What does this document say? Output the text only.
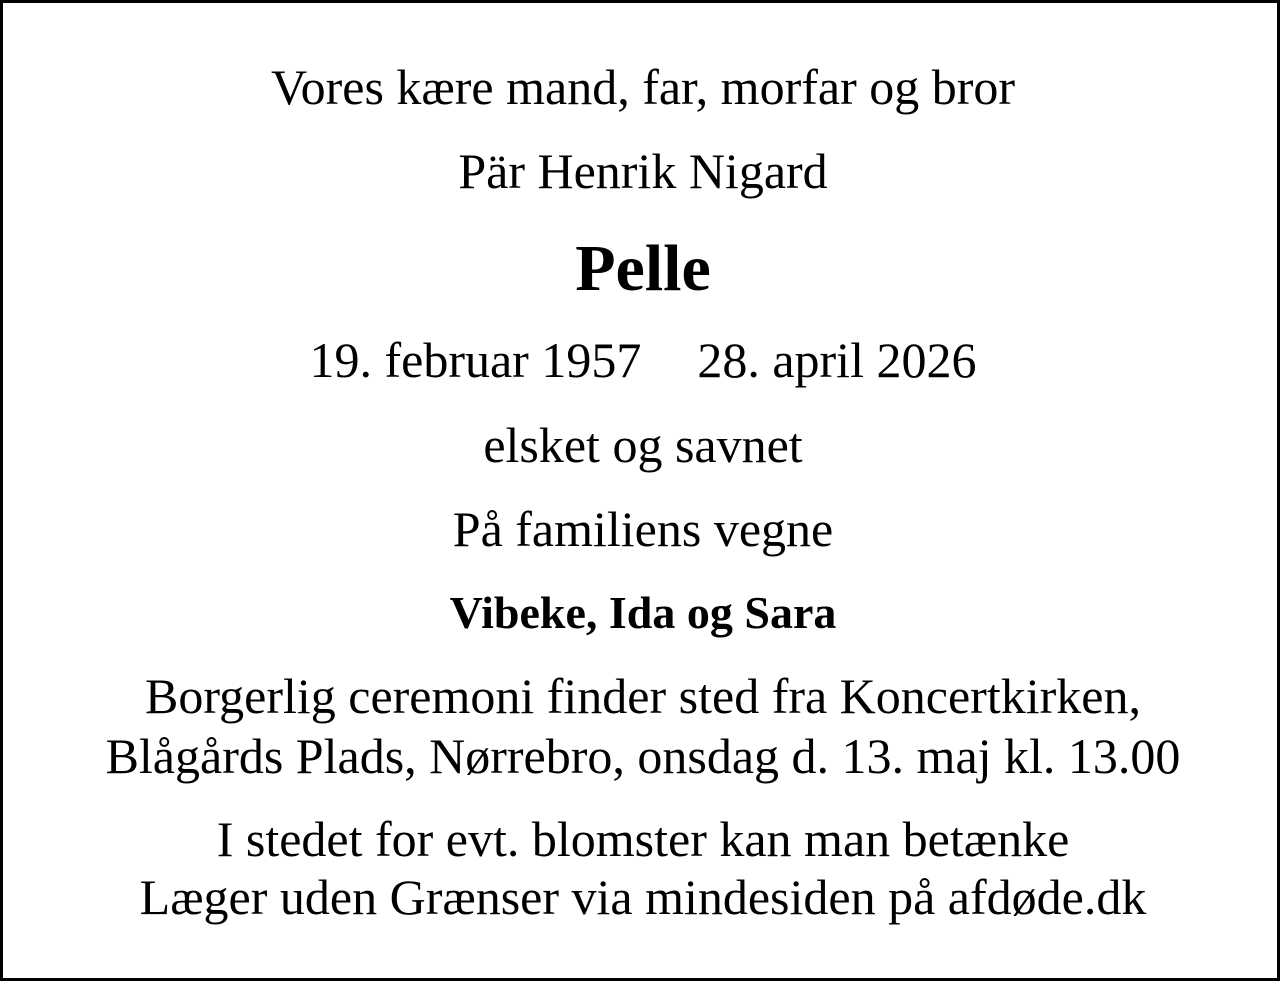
Vores kære mand, far, morfar og bror

Pär Henrik Nigard

Pelle

19. februar 1957 28. april 2026

elsket og savnet

På familiens vegne

Vibeke, Ida og Sara

Borgerlig ceremoni finder sted fra Koncertkirken,

Blågårds Plads, Nørrebro, onsdag d. 13. maj kl. 13.00

I stedet for evt. blomster kan man betænke

Læger uden Grænser via mindesiden på afdøde.dk
